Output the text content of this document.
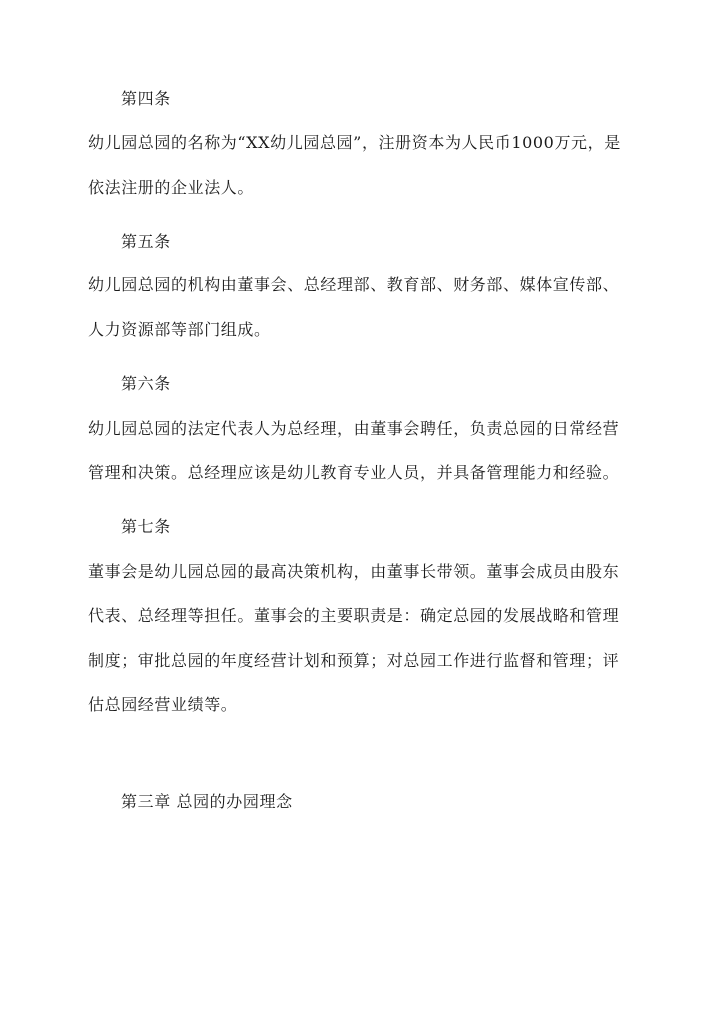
第四条
幼儿园总园的名称为“XX幼儿园总园”，注册资本为人民币1000万元，是
依法注册的企业法人。
第五条
幼儿园总园的机构由董事会、总经理部、教育部、财务部、媒体宣传部、
人力资源部等部门组成。
第六条
幼儿园总园的法定代表人为总经理，由董事会聘任，负责总园的日常经营
管理和决策。总经理应该是幼儿教育专业人员，并具备管理能力和经验。
第七条
董事会是幼儿园总园的最高决策机构，由董事长带领。董事会成员由股东
代表、总经理等担任。董事会的主要职责是：确定总园的发展战略和管理
制度；审批总园的年度经营计划和预算；对总园工作进行监督和管理；评
估总园经营业绩等。
第三章 总园的办园理念
